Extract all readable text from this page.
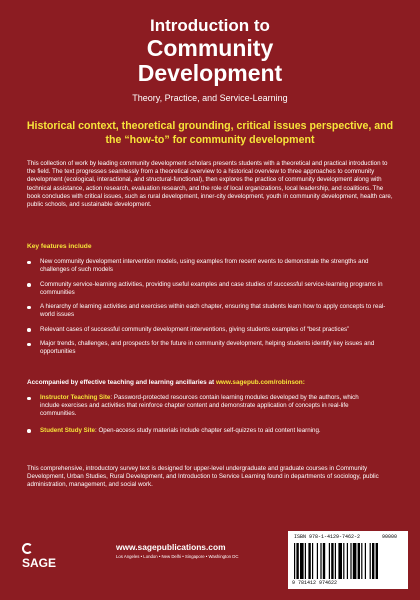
Introduction to
Community
Development
Theory, Practice, and Service-Learning
Historical context, theoretical grounding, critical issues perspective, and the “how-to” for community development
This collection of work by leading community development scholars presents students with a theoretical and practical introduction to the field. The text progresses seamlessly from a theoretical overview to a historical overview to three approaches to community development (ecological, interactional, and structural-functional), then explores the practice of community development along with technical assistance, action research, evaluation research, and the role of local organizations, local leadership, and coalitions. The book concludes with critical issues, such as rural development, inner-city development, youth in community development, health care, public schools, and sustainable development.
Key features include
New community development intervention models, using examples from recent events to demonstrate the strengths and challenges of such models
Community service-learning activities, providing useful examples and case studies of successful service-learning programs in communities
A hierarchy of learning activities and exercises within each chapter, ensuring that students learn how to apply concepts to real-world issues
Relevant cases of successful community development interventions, giving students examples of “best practices”
Major trends, challenges, and prospects for the future in community development, helping students identify key issues and opportunities
Accompanied by effective teaching and learning ancillaries at www.sagepub.com/robinson:
Instructor Teaching Site: Password-protected resources contain learning modules developed by the authors, which include exercises and activities that reinforce chapter content and demonstrate application of concepts in real-life communities.
Student Study Site: Open-access study materials include chapter self-quizzes to aid content learning.
This comprehensive, introductory survey text is designed for upper-level undergraduate and graduate courses in Community Development, Urban Studies, Rural Development, and Introduction to Service Learning found in departments of sociology, public administration, management, and social work.
SAGE
www.sagepublications.com
Los Angeles • London • New Delhi • Singapore • Washington DC
ISBN 978-1-4129-7462-2	90000
9 781412 974622
